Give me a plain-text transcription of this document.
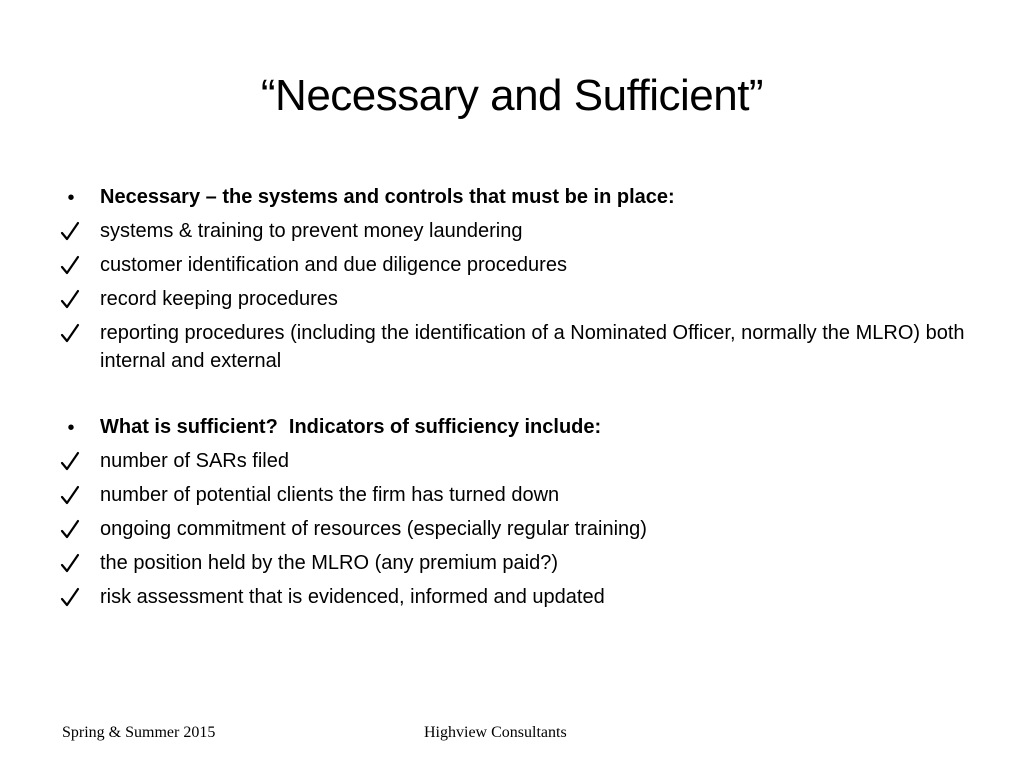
“Necessary and Sufficient”
•	Necessary – the systems and controls that must be in place:
systems & training to prevent money laundering
customer identification and due diligence procedures
record keeping procedures
reporting procedures (including the identification of a Nominated Officer, normally the MLRO) both internal and external
•	What is sufficient?  Indicators of sufficiency include:
number of SARs filed
number of potential clients the firm has turned down
ongoing commitment of resources (especially regular training)
the position held by the MLRO (any premium paid?)
risk assessment that is evidenced, informed and updated
Spring & Summer 2015	Highview Consultants
